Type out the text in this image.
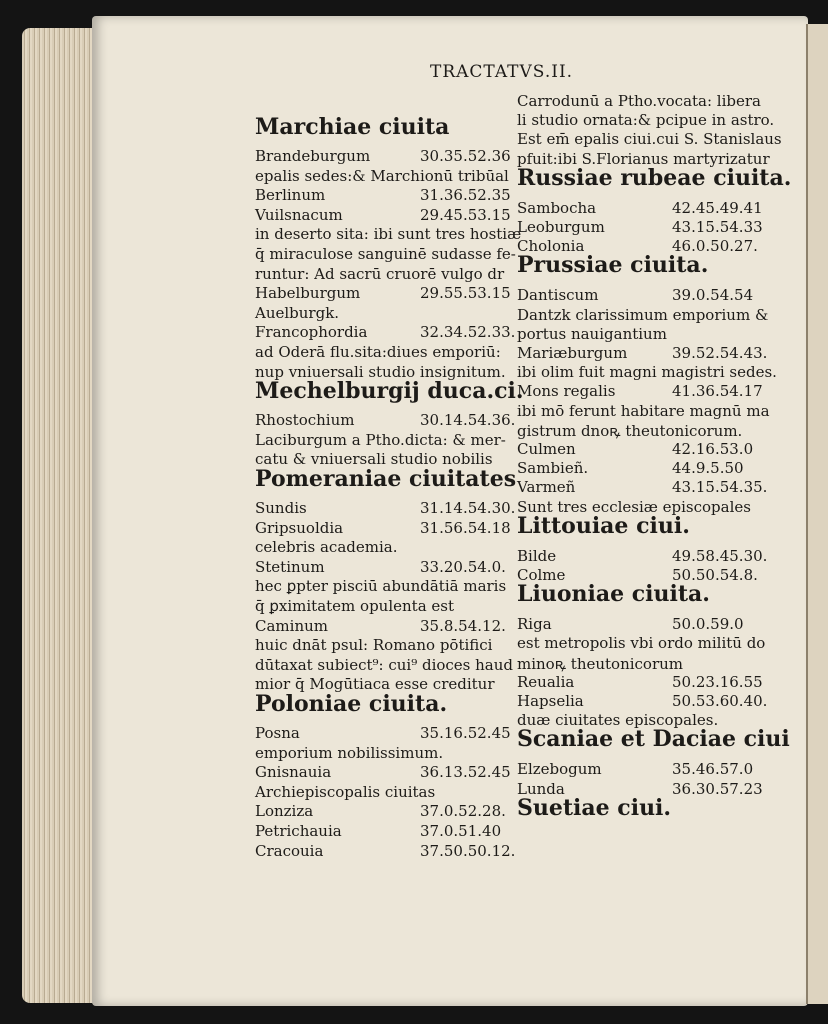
TRACTATVS.II.
Marchiae ciuita
Brandeburgum	30.35.52.36
epalis sedes:& Marchionū tribūal
Berlinum	31.36.52.35
Vuilsnacum	29.45.53.15
in deserto sita: ibi sunt tres hostiæ
q̄ miraculose sanguinē sudasse fe-
runtur: Ad sacrū cruorē vulgo dr
Habelburgum	29.55.53.15
Auelburgk.
Francophordia	32.34.52.33.
ad Oderā flu.sita:diues emporiū:
nup vniuersali studio insignitum.
Mechelburgij duca.ci.
Rhostochium	30.14.54.36.
Laciburgum a Ptho.dicta: & mer-
catu & vniuersali studio nobilis
Pomeraniae ciuitates
Sundis	31.14.54.30.
Gripsuoldia	31.56.54.18
celebris academia.
Stetinum	33.20.54.0.
hec ꝑpter pisciū abundātiā maris
q̄ ꝑximitatem opulenta est
Caminum	35.8.54.12.
huic dnāt psul: Romano pōtifici
dūtaxat subiect⁹: cui⁹ dioces haud
mior q̄ Mogūtiaca esse creditur
Poloniae ciuita.
Posna	35.16.52.45
emporium nobilissimum.
Gnisnauia	36.13.52.45
Archiepiscopalis ciuitas
Lonziza	37.0.52.28.
Petrichauia	37.0.51.40
Cracouia	37.50.50.12.
Carrodunū a Ptho.vocata: libera
li studio ornata:& pcipue in astro.
Est em̄ epalis ciui.cui S. Stanislaus
pfuit:ibi S.Florianus martyrizatur
Russiae rubeae ciuita.
Sambocha	42.45.49.41
Leoburgum	43.15.54.33
Cholonia	46.0.50.27.
Prussiae ciuita.
Dantiscum	39.0.54.54
Dantzk clarissimum emporium &
portus nauigantium
Mariæburgum	39.52.54.43.
ibi olim fuit magni magistri sedes.
Mons regalis	41.36.54.17
ibi mō ferunt habitare magnū ma
gistrum dnoꝶ theutonicorum.
Culmen	42.16.53.0
Sambieñ.	44.9.5.50
Varmeñ	43.15.54.35.
Sunt tres ecclesiæ episcopales
Littouiae ciui.
Bilde	49.58.45.30.
Colme	50.50.54.8.
Liuoniae ciuita.
Riga	50.0.59.0
est metropolis vbi ordo militū do
minoꝶ theutonicorum
Reualia	50.23.16.55
Hapselia	50.53.60.40.
duæ ciuitates episcopales.
Scaniae et Daciae ciui
Elzebogum	35.46.57.0
Lunda	36.30.57.23
Suetiae ciui.
